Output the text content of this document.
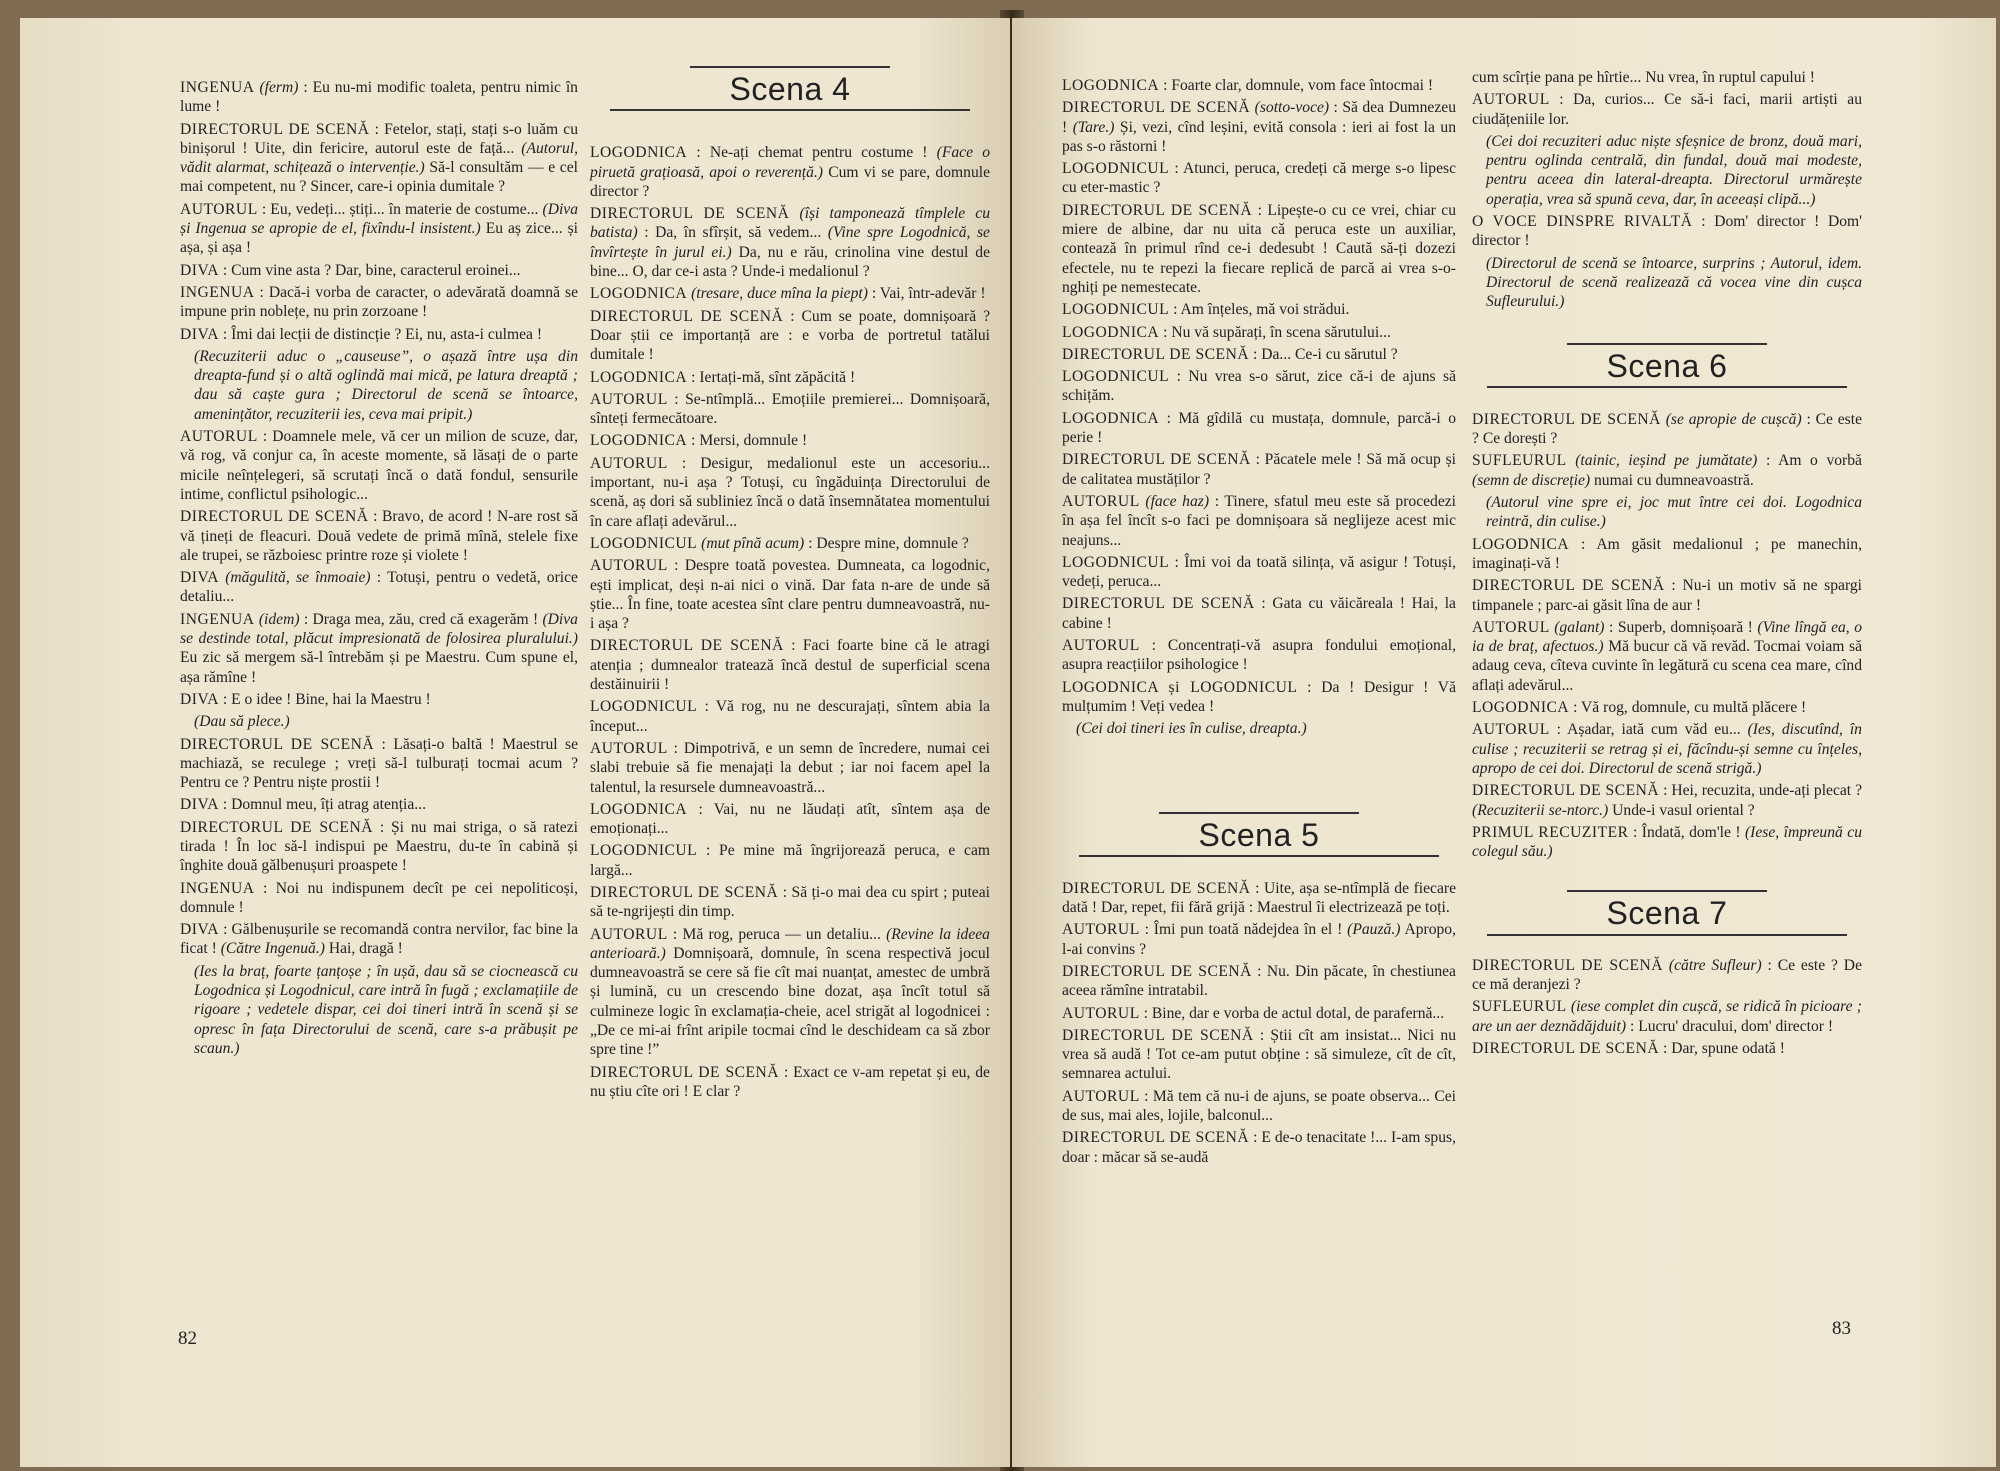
INGENUA (ferm) : Eu nu-mi modific toaleta, pentru nimic în lume !

DIRECTORUL DE SCENĂ : Fetelor, stați, stați s-o luăm cu binișorul ! Uite, din fericire, autorul este de față... (Autorul, vădit alarmat, schițează o intervenție.) Să-l consultăm — e cel mai competent, nu ? Sincer, care-i opinia dumitale ?

AUTORUL : Eu, vedeți... știți... în materie de costume... (Diva și Ingenua se apropie de el, fixîndu-l insistent.) Eu aș zice... și așa, și așa !

DIVA : Cum vine asta ? Dar, bine, caracterul eroinei...

INGENUA : Dacă-i vorba de caracter, o adevărată doamnă se impune prin noblețe, nu prin zorzoane !

DIVA : Îmi dai lecții de distincție ? Ei, nu, asta-i culmea !

(Recuziterii aduc o „causeuse”, o așază între ușa din dreapta-fund și o altă oglindă mai mică, pe latura dreaptă ; dau să caște gura ; Directorul de scenă se întoarce, amenințător, recuziterii ies, ceva mai pripit.)

AUTORUL : Doamnele mele, vă cer un milion de scuze, dar, vă rog, vă conjur ca, în aceste momente, să lăsați de o parte micile neînțelegeri, să scrutați încă o dată fondul, sensurile intime, conflictul psihologic...

DIRECTORUL DE SCENĂ : Bravo, de acord ! N-are rost să vă țineți de fleacuri. Două vedete de primă mînă, stelele fixe ale trupei, se războiesc printre roze și violete !

DIVA (măgulită, se înmoaie) : Totuși, pentru o vedetă, orice detaliu...

INGENUA (idem) : Draga mea, zău, cred că exagerăm ! (Diva se destinde total, plăcut impresionată de folosirea pluralului.) Eu zic să mergem să-l întrebăm și pe Maestru. Cum spune el, așa rămîne !

DIVA : E o idee ! Bine, hai la Maestru !

(Dau să plece.)

DIRECTORUL DE SCENĂ : Lăsați-o baltă ! Maestrul se machiază, se reculege ; vreți să-l tulburați tocmai acum ? Pentru ce ? Pentru niște prostii !

DIVA : Domnul meu, îți atrag atenția...

DIRECTORUL DE SCENĂ : Și nu mai striga, o să ratezi tirada ! În loc să-l indispui pe Maestru, du-te în cabină și înghite două gălbenușuri proaspete !

INGENUA : Noi nu indispunem decît pe cei nepoliticoși, domnule !

DIVA : Gălbenușurile se recomandă contra nervilor, fac bine la ficat ! (Către Ingenuă.) Hai, dragă !

(Ies la braț, foarte țanțoșe ; în ușă, dau să se ciocnească cu Logodnica și Logodnicul, care intră în fugă ; exclamațiile de rigoare ; vedetele dispar, cei doi tineri intră în scenă și se opresc în fața Directorului de scenă, care s-a prăbușit pe scaun.)

Scena 4

LOGODNICA : Ne-ați chemat pentru costume ! (Face o piruetă grațioasă, apoi o reverență.) Cum vi se pare, domnule director ?

DIRECTORUL DE SCENĂ (își tamponează tîmplele cu batista) : Da, în sfîrșit, să vedem... (Vine spre Logodnică, se învîrtește în jurul ei.) Da, nu e rău, crinolina vine destul de bine... O, dar ce-i asta ? Unde-i medalionul ?

LOGODNICA (tresare, duce mîna la piept) : Vai, într-adevăr !

DIRECTORUL DE SCENĂ : Cum se poate, domnișoară ? Doar știi ce importanță are : e vorba de portretul tatălui dumitale !

LOGODNICA : Iertați-mă, sînt zăpăcită !

AUTORUL : Se-ntîmplă... Emoțiile premierei... Domnișoară, sînteți fermecătoare.

LOGODNICA : Mersi, domnule !

AUTORUL : Desigur, medalionul este un accesoriu... important, nu-i așa ? Totuși, cu îngăduința Directorului de scenă, aș dori să subliniez încă o dată însemnătatea momentului în care aflați adevărul...

LOGODNICUL (mut pînă acum) : Despre mine, domnule ?

AUTORUL : Despre toată povestea. Dumneata, ca logodnic, ești implicat, deși n-ai nici o vină. Dar fata n-are de unde să știe... În fine, toate acestea sînt clare pentru dumneavoastră, nu-i așa ?

DIRECTORUL DE SCENĂ : Faci foarte bine că le atragi atenția ; dumnealor tratează încă destul de superficial scena destăinuirii !

LOGODNICUL : Vă rog, nu ne descurajați, sîntem abia la început...

AUTORUL : Dimpotrivă, e un semn de încredere, numai cei slabi trebuie să fie menajați la debut ; iar noi facem apel la talentul, la resursele dumneavoastră...

LOGODNICA : Vai, nu ne lăudați atît, sîntem așa de emoționați...

LOGODNICUL : Pe mine mă îngrijorează peruca, e cam largă...

DIRECTORUL DE SCENĂ : Să ți-o mai dea cu spirt ; puteai să te-ngrijești din timp.

AUTORUL : Mă rog, peruca — un detaliu... (Revine la ideea anterioară.) Domnișoară, domnule, în scena respectivă jocul dumneavoastră se cere să fie cît mai nuanțat, amestec de umbră și lumină, cu un crescendo bine dozat, așa încît totul să culmineze logic în exclamația-cheie, acel strigăt al logodnicei : „De ce mi-ai frînt aripile tocmai cînd le deschideam ca să zbor spre tine !”

DIRECTORUL DE SCENĂ : Exact ce v-am repetat și eu, de nu știu cîte ori ! E clar ?

82

LOGODNICA : Foarte clar, domnule, vom face întocmai !

DIRECTORUL DE SCENĂ (sotto-voce) : Să dea Dumnezeu ! (Tare.) Și, vezi, cînd leșini, evită consola : ieri ai fost la un pas s-o răstorni !

LOGODNICUL : Atunci, peruca, credeți că merge s-o lipesc cu eter-mastic ?

DIRECTORUL DE SCENĂ : Lipește-o cu ce vrei, chiar cu miere de albine, dar nu uita că peruca este un auxiliar, contează în primul rînd ce-i dedesubt ! Caută să-ți dozezi efectele, nu te repezi la fiecare replică de parcă ai vrea s-o-nghiți pe nemestecate.

LOGODNICUL : Am înțeles, mă voi strădui.

LOGODNICA : Nu vă supărați, în scena sărutului...

DIRECTORUL DE SCENĂ : Da... Ce-i cu sărutul ?

LOGODNICUL : Nu vrea s-o sărut, zice că-i de ajuns să schițăm.

LOGODNICA : Mă gîdilă cu mustața, domnule, parcă-i o perie !

DIRECTORUL DE SCENĂ : Păcatele mele ! Să mă ocup și de calitatea mustăților ?

AUTORUL (face haz) : Tinere, sfatul meu este să procedezi în așa fel încît s-o faci pe domnișoara să neglijeze acest mic neajuns...

LOGODNICUL : Îmi voi da toată silința, vă asigur ! Totuși, vedeți, peruca...

DIRECTORUL DE SCENĂ : Gata cu văicăreala ! Hai, la cabine !

AUTORUL : Concentrați-vă asupra fondului emoțional, asupra reacțiilor psihologice !

LOGODNICA și LOGODNICUL : Da ! Desigur ! Vă mulțumim ! Veți vedea !

(Cei doi tineri ies în culise, dreapta.)

Scena 5

DIRECTORUL DE SCENĂ : Uite, așa se-ntîmplă de fiecare dată ! Dar, repet, fii fără grijă : Maestrul îi electrizează pe toți.

AUTORUL : Îmi pun toată nădejdea în el ! (Pauză.) Apropo, l-ai convins ?

DIRECTORUL DE SCENĂ : Nu. Din păcate, în chestiunea aceea rămîne intratabil.

AUTORUL : Bine, dar e vorba de actul dotal, de parafernă...

DIRECTORUL DE SCENĂ : Știi cît am insistat... Nici nu vrea să audă ! Tot ce-am putut obține : să simuleze, cît de cît, semnarea actului.

AUTORUL : Mă tem că nu-i de ajuns, se poate observa... Cei de sus, mai ales, lojile, balconul...

DIRECTORUL DE SCENĂ : E de-o tenacitate !... I-am spus, doar : măcar să se-audă

cum scîrție pana pe hîrtie... Nu vrea, în ruptul capului !

AUTORUL : Da, curios... Ce să-i faci, marii artiști au ciudățeniile lor.

(Cei doi recuziteri aduc niște sfeșnice de bronz, două mari, pentru oglinda centrală, din fundal, două mai modeste, pentru aceea din lateral-dreapta. Directorul urmărește operația, vrea să spună ceva, dar, în aceeași clipă...)

O VOCE DINSPRE RIVALTĂ : Dom' director ! Dom' director !

(Directorul de scenă se întoarce, surprins ; Autorul, idem. Directorul de scenă realizează că vocea vine din cușca Sufleurului.)

Scena 6

DIRECTORUL DE SCENĂ (se apropie de cușcă) : Ce este ? Ce dorești ?

SUFLEURUL (tainic, ieșind pe jumătate) : Am o vorbă (semn de discreție) numai cu dumneavoastră.

(Autorul vine spre ei, joc mut între cei doi. Logodnica reintră, din culise.)

LOGODNICA : Am găsit medalionul ; pe manechin, imaginați-vă !

DIRECTORUL DE SCENĂ : Nu-i un motiv să ne spargi timpanele ; parc-ai găsit lîna de aur !

AUTORUL (galant) : Superb, domnișoară ! (Vine lîngă ea, o ia de braț, afectuos.) Mă bucur că vă revăd. Tocmai voiam să adaug ceva, cîteva cuvinte în legătură cu scena cea mare, cînd aflați adevărul...

LOGODNICA : Vă rog, domnule, cu multă plăcere !

AUTORUL : Așadar, iată cum văd eu... (Ies, discutînd, în culise ; recuziterii se retrag și ei, făcîndu-și semne cu înțeles, apropo de cei doi. Directorul de scenă strigă.)

DIRECTORUL DE SCENĂ : Hei, recuzita, unde-ați plecat ? (Recuziterii se-ntorc.) Unde-i vasul oriental ?

PRIMUL RECUZITER : Îndată, dom'le ! (Iese, împreună cu colegul său.)

Scena 7

DIRECTORUL DE SCENĂ (către Sufleur) : Ce este ? De ce mă deranjezi ?

SUFLEURUL (iese complet din cușcă, se ridică în picioare ; are un aer deznădăjduit) : Lucru' dracului, dom' director !

DIRECTORUL DE SCENĂ : Dar, spune odată !

83
